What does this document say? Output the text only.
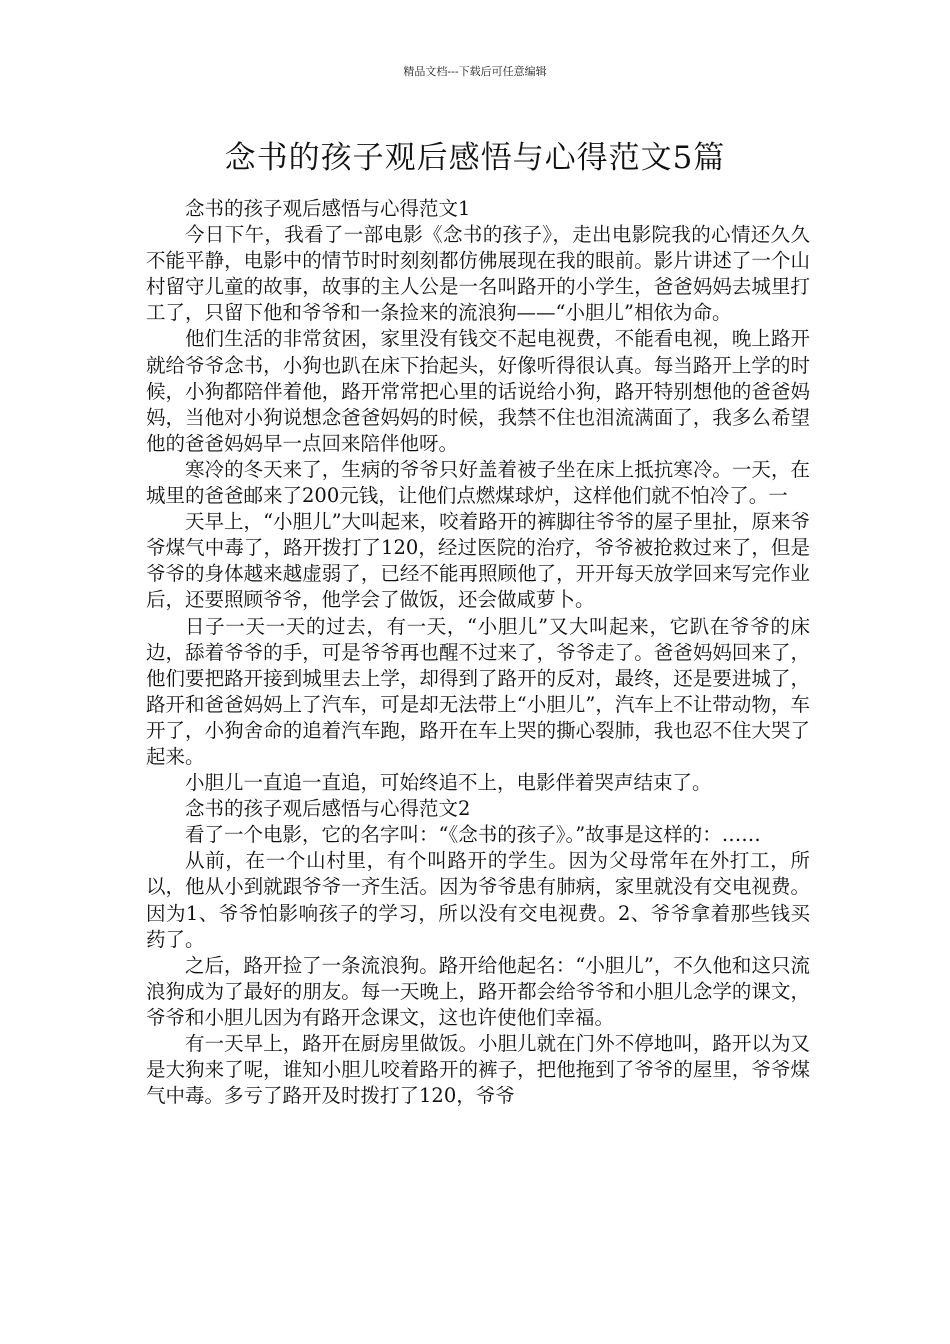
精品文档---下载后可任意编辑
念书的孩子观后感悟与心得范文5篇

念书的孩子观后感悟与心得范文1

今日下午，我看了一部电影《念书的孩子》，走出电影院我的心情还久久不能平静，电影中的情节时时刻刻都仿佛展现在我的眼前。影片讲述了一个山村留守儿童的故事，故事的主人公是一名叫路开的小学生，爸爸妈妈去城里打工了，只留下他和爷爷和一条捡来的流浪狗——“小胆儿”相依为命。

他们生活的非常贫困，家里没有钱交不起电视费，不能看电视，晚上路开就给爷爷念书，小狗也趴在床下抬起头，好像听得很认真。每当路开上学的时候，小狗都陪伴着他，路开常常把心里的话说给小狗，路开特别想他的爸爸妈妈，当他对小狗说想念爸爸妈妈的时候，我禁不住也泪流满面了，我多么希望他的爸爸妈妈早一点回来陪伴他呀。

寒冷的冬天来了，生病的爷爷只好盖着被子坐在床上抵抗寒冷。一天，在城里的爸爸邮来了200元钱，让他们点燃煤球炉，这样他们就不怕冷了。一

天早上，“小胆儿”大叫起来，咬着路开的裤脚往爷爷的屋子里扯，原来爷爷煤气中毒了，路开拨打了120，经过医院的治疗，爷爷被抢救过来了，但是爷爷的身体越来越虚弱了，已经不能再照顾他了，开开每天放学回来写完作业后，还要照顾爷爷，他学会了做饭，还会做咸萝卜。

日子一天一天的过去，有一天，“小胆儿”又大叫起来，它趴在爷爷的床边，舔着爷爷的手，可是爷爷再也醒不过来了，爷爷走了。爸爸妈妈回来了，他们要把路开接到城里去上学，却得到了路开的反对，最终，还是要进城了，路开和爸爸妈妈上了汽车，可是却无法带上“小胆儿”，汽车上不让带动物，车开了，小狗舍命的追着汽车跑，路开在车上哭的撕心裂肺，我也忍不住大哭了起来。

小胆儿一直追一直追，可始终追不上，电影伴着哭声结束了。

念书的孩子观后感悟与心得范文2

看了一个电影，它的名字叫：“《念书的孩子》。”故事是这样的：……

从前，在一个山村里，有个叫路开的学生。因为父母常年在外打工，所以，他从小到就跟爷爷一齐生活。因为爷爷患有肺病，家里就没有交电视费。因为1、爷爷怕影响孩子的学习，所以没有交电视费。2、爷爷拿着那些钱买药了。

之后，路开捡了一条流浪狗。路开给他起名：“小胆儿”，不久他和这只流浪狗成为了最好的朋友。每一天晚上，路开都会给爷爷和小胆儿念学的课文，爷爷和小胆儿因为有路开念课文，这也许使他们幸福。

有一天早上，路开在厨房里做饭。小胆儿就在门外不停地叫，路开以为又是大狗来了呢，谁知小胆儿咬着路开的裤子，把他拖到了爷爷的屋里，爷爷煤气中毒。多亏了路开及时拨打了120，爷爷
